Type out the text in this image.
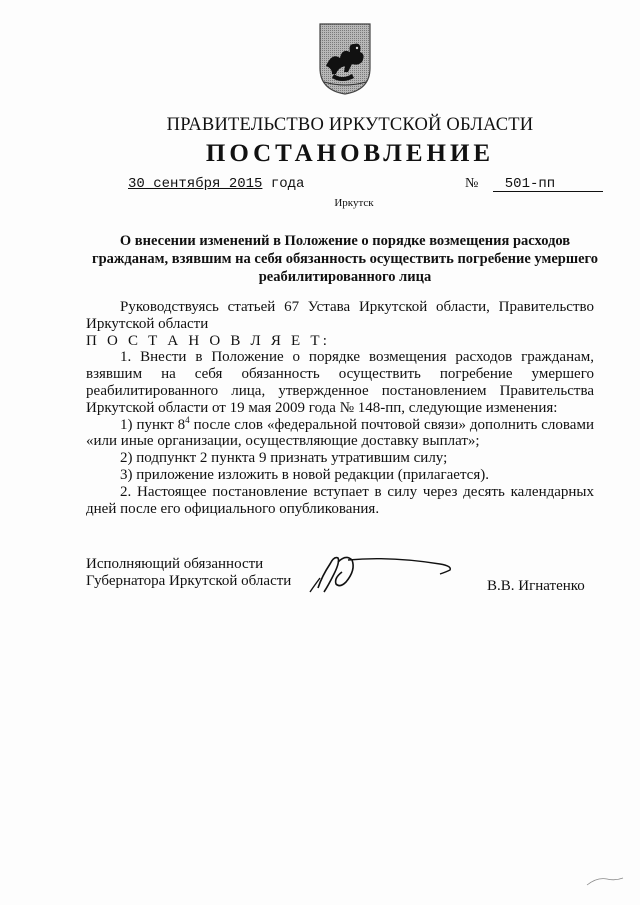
ПРАВИТЕЛЬСТВО ИРКУТСКОЙ ОБЛАСТИ
ПОСТАНОВЛЕНИЕ
30 сентября 2015 года	№ 501-пп
Иркутск
О внесении изменений в Положение о порядке возмещения расходов гражданам, взявшим на себя обязанность осуществить погребение умершего реабилитированного лица

Руководствуясь статьей 67 Устава Иркутской области, Правительство Иркутской области

П О С Т А Н О В Л Я Е Т:

1. Внести в Положение о порядке возмещения расходов гражданам, взявшим на себя обязанность осуществить погребение умершего реабилитированного лица, утвержденное постановлением Правительства Иркутской области от 19 мая 2009 года № 148-пп, следующие изменения:

1) пункт $8^4$ после слов «федеральной почтовой связи» дополнить словами «или иные организации, осуществляющие доставку выплат»;

2) подпункт 2 пункта 9 признать утратившим силу;

3) приложение изложить в новой редакции (прилагается).

2. Настоящее постановление вступает в силу через десять календарных дней после его официального опубликования.

Исполняющий обязанности
Губернатора Иркутской области	В.В. Игнатенко
